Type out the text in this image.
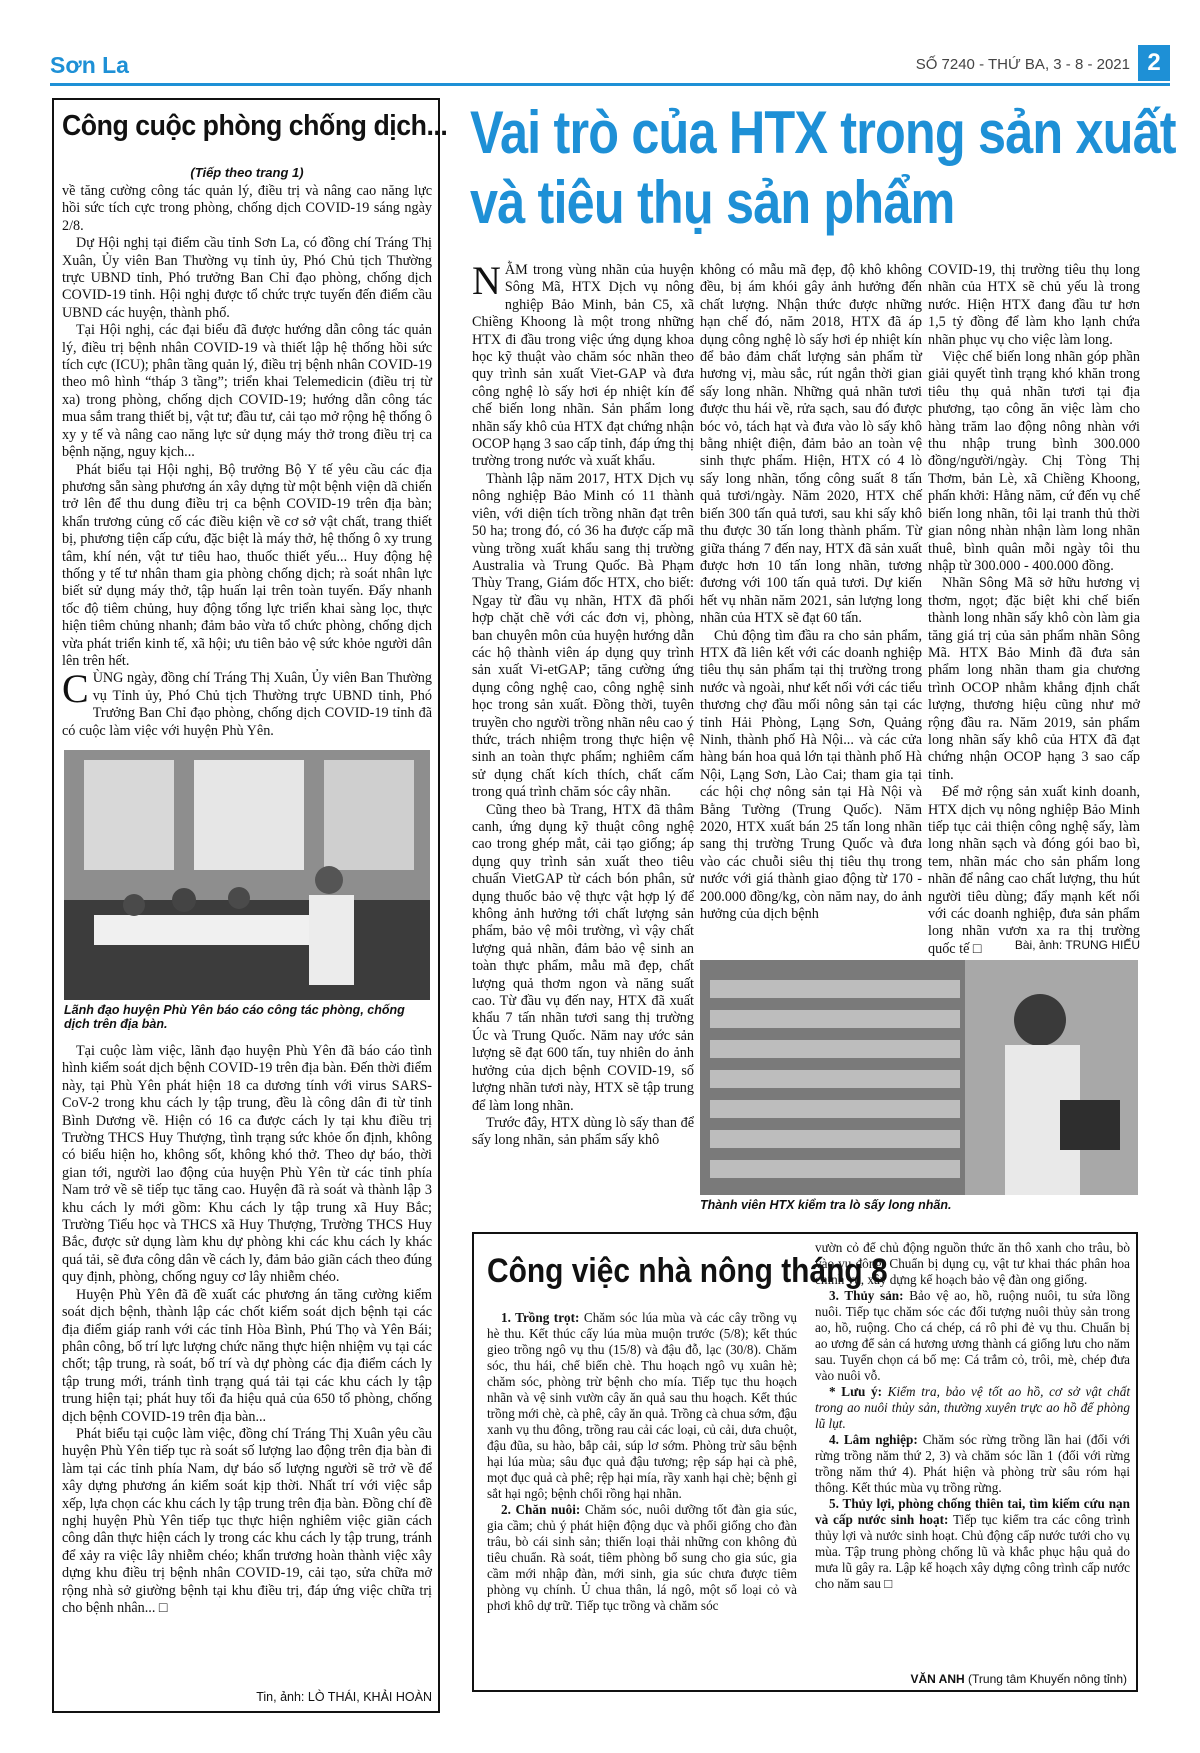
Sơn La	SỐ 7240 - THỨ BA, 3 - 8 - 2021 2
Công cuộc phòng chống dịch...
(Tiếp theo trang 1)

về tăng cường công tác quản lý, điều trị và nâng cao năng lực hồi sức tích cực trong phòng, chống dịch COVID-19 sáng ngày 2/8.

Dự Hội nghị tại điểm cầu tỉnh Sơn La, có đồng chí Tráng Thị Xuân, Ủy viên Ban Thường vụ tỉnh ủy, Phó Chủ tịch Thường trực UBND tỉnh, Phó trưởng Ban Chỉ đạo phòng, chống dịch COVID-19 tỉnh. Hội nghị được tổ chức trực tuyến đến điểm cầu UBND các huyện, thành phố.

Tại Hội nghị, các đại biểu đã được hướng dẫn công tác quản lý, điều trị bệnh nhân COVID-19 và thiết lập hệ thống hồi sức tích cực (ICU); phân tầng quản lý, điều trị bệnh nhân COVID-19 theo mô hình “tháp 3 tầng”; triển khai Telemedicin (điều trị từ xa) trong phòng, chống dịch COVID-19; hướng dẫn công tác mua sắm trang thiết bị, vật tư; đầu tư, cải tạo mở rộng hệ thống ô xy y tế và nâng cao năng lực sử dụng máy thở trong điều trị ca bệnh nặng, nguy kịch...

Phát biểu tại Hội nghị, Bộ trưởng Bộ Y tế yêu cầu các địa phương sẵn sàng phương án xây dựng từ một bệnh viện dã chiến trở lên để thu dung điều trị ca bệnh COVID-19 trên địa bàn; khẩn trương củng cố các điều kiện về cơ sở vật chất, trang thiết bị, phương tiện cấp cứu, đặc biệt là máy thở, hệ thống ô xy trung tâm, khí nén, vật tư tiêu hao, thuốc thiết yếu... Huy động hệ thống y tế tư nhân tham gia phòng chống dịch; rà soát nhân lực biết sử dụng máy thở, tập huấn lại trên toàn tuyến. Đẩy nhanh tốc độ tiêm chủng, huy động tổng lực triển khai sàng lọc, thực hiện tiêm chủng nhanh; đảm bảo vừa tổ chức phòng, chống dịch vừa phát triển kinh tế, xã hội; ưu tiên bảo vệ sức khỏe người dân lên trên hết.

CÙNG ngày, đồng chí Tráng Thị Xuân, Ủy viên Ban Thường vụ Tỉnh ủy, Phó Chủ tịch Thường trực UBND tỉnh, Phó Trưởng Ban Chỉ đạo phòng, chống dịch COVID-19 tỉnh đã có cuộc làm việc với huyện Phù Yên.

Lãnh đạo huyện Phù Yên báo cáo công tác phòng, chống dịch trên địa bàn.

Tại cuộc làm việc, lãnh đạo huyện Phù Yên đã báo cáo tình hình kiểm soát dịch bệnh COVID-19 trên địa bàn. Đến thời điểm này, tại Phù Yên phát hiện 18 ca dương tính với virus SARS-CoV-2 trong khu cách ly tập trung, đều là công dân đi từ tỉnh Bình Dương về. Hiện có 16 ca được cách ly tại khu điều trị Trường THCS Huy Thượng, tình trạng sức khỏe ổn định, không có biểu hiện ho, không sốt, không khó thở. Theo dự báo, thời gian tới, người lao động của huyện Phù Yên từ các tỉnh phía Nam trở về sẽ tiếp tục tăng cao. Huyện đã rà soát và thành lập 3 khu cách ly mới gồm: Khu cách ly tập trung xã Huy Bắc; Trường Tiểu học và THCS xã Huy Thượng, Trường THCS Huy Bắc, được sử dụng làm khu dự phòng khi các khu cách ly khác quá tải, sẽ đưa công dân về cách ly, đảm bảo giãn cách theo đúng quy định, phòng, chống nguy cơ lây nhiễm chéo.

Huyện Phù Yên đã đề xuất các phương án tăng cường kiểm soát dịch bệnh, thành lập các chốt kiểm soát dịch bệnh tại các địa điểm giáp ranh với các tỉnh Hòa Bình, Phú Thọ và Yên Bái; phân công, bố trí lực lượng chức năng thực hiện nhiệm vụ tại các chốt; tập trung, rà soát, bố trí và dự phòng các địa điểm cách ly tập trung mới, tránh tình trạng quá tải tại các khu cách ly tập trung hiện tại; phát huy tối đa hiệu quả của 650 tổ phòng, chống dịch bệnh COVID-19 trên địa bàn...

Phát biểu tại cuộc làm việc, đồng chí Tráng Thị Xuân yêu cầu huyện Phù Yên tiếp tục rà soát số lượng lao động trên địa bàn đi làm tại các tỉnh phía Nam, dự báo số lượng người sẽ trở về để xây dựng phương án kiểm soát kịp thời. Nhất trí với việc sắp xếp, lựa chọn các khu cách ly tập trung trên địa bàn. Đồng chí đề nghị huyện Phù Yên tiếp tục thực hiện nghiêm việc giãn cách công dân thực hiện cách ly trong các khu cách ly tập trung, tránh để xảy ra việc lây nhiễm chéo; khẩn trương hoàn thành việc xây dựng khu điều trị bệnh nhân COVID-19, cải tạo, sửa chữa mở rộng nhà sở giường bệnh tại khu điều trị, đáp ứng việc chữa trị cho bệnh nhân... □

Tin, ảnh: LÒ THÁI, KHẢI HOÀN
Vai trò của HTX trong sản xuất
và tiêu thụ sản phẩm

NẰM trong vùng nhãn của huyện Sông Mã, HTX Dịch vụ nông nghiệp Bảo Minh, bản C5, xã Chiềng Khoong là một trong những HTX đi đầu trong việc ứng dụng khoa học kỹ thuật vào chăm sóc nhãn theo quy trình sản xuất Viet-GAP và đưa công nghệ lò sấy hơi ép nhiệt kín để chế biến long nhãn. Sản phẩm long nhãn sấy khô của HTX đạt chứng nhận OCOP hạng 3 sao cấp tỉnh, đáp ứng thị trường trong nước và xuất khẩu.

Thành lập năm 2017, HTX Dịch vụ nông nghiệp Bảo Minh có 11 thành viên, với diện tích trồng nhãn đạt trên 50 ha; trong đó, có 36 ha được cấp mã vùng trồng xuất khẩu sang thị trường Australia và Trung Quốc. Bà Phạm Thùy Trang, Giám đốc HTX, cho biết: Ngay từ đầu vụ nhãn, HTX đã phối hợp chặt chẽ với các đơn vị, phòng, ban chuyên môn của huyện hướng dẫn các hộ thành viên áp dụng quy trình sản xuất Vi-etGAP; tăng cường ứng dụng công nghệ cao, công nghệ sinh học trong sản xuất. Đồng thời, tuyên truyền cho người trồng nhãn nêu cao ý thức, trách nhiệm trong thực hiện vệ sinh an toàn thực phẩm; nghiêm cấm sử dụng chất kích thích, chất cấm trong quá trình chăm sóc cây nhãn.

Cũng theo bà Trang, HTX đã thâm canh, ứng dụng kỹ thuật công nghệ cao trong ghép mắt, cải tạo giống; áp dụng quy trình sản xuất theo tiêu chuẩn VietGAP từ cách bón phân, sử dụng thuốc bảo vệ thực vật hợp lý để không ảnh hưởng tới chất lượng sản phẩm, bảo vệ môi trường, vì vậy chất lượng quả nhãn, đảm bảo vệ sinh an toàn thực phẩm, mẫu mã đẹp, chất lượng quả thơm ngon và năng suất cao. Từ đầu vụ đến nay, HTX đã xuất khẩu 7 tấn nhãn tươi sang thị trường Úc và Trung Quốc. Năm nay ước sản lượng sẽ đạt 600 tấn, tuy nhiên do ảnh hưởng của dịch bệnh COVID-19, số lượng nhãn tươi này, HTX sẽ tập trung để làm long nhãn.

Trước đây, HTX dùng lò sấy than để sấy long nhãn, sản phẩm sấy khô

không có mẫu mã đẹp, độ khô không đều, bị ám khói gây ảnh hưởng đến chất lượng. Nhận thức được những hạn chế đó, năm 2018, HTX đã áp dụng công nghệ lò sấy hơi ép nhiệt kín để bảo đảm chất lượng sản phẩm từ hương vị, màu sắc, rút ngắn thời gian sấy long nhãn. Những quả nhãn tươi được thu hái về, rửa sạch, sau đó được bóc vỏ, tách hạt và đưa vào lò sấy khô bằng nhiệt điện, đảm bảo an toàn vệ sinh thực phẩm. Hiện, HTX có 4 lò sấy long nhãn, tổng công suất 8 tấn quả tươi/ngày. Năm 2020, HTX chế biến 300 tấn quả tươi, sau khi sấy khô thu được 30 tấn long thành phẩm. Từ giữa tháng 7 đến nay, HTX đã sản xuất được hơn 10 tấn long nhãn, tương đương với 100 tấn quả tươi. Dự kiến hết vụ nhãn năm 2021, sản lượng long nhãn của HTX sẽ đạt 60 tấn.

Chủ động tìm đầu ra cho sản phẩm, HTX đã liên kết với các doanh nghiệp tiêu thụ sản phẩm tại thị trường trong nước và ngoài, như kết nối với các tiểu thương chợ đầu mối nông sản tại các tỉnh Hải Phòng, Lạng Sơn, Quảng Ninh, thành phố Hà Nội... và các cửa hàng bán hoa quả lớn tại thành phố Hà Nội, Lạng Sơn, Lào Cai; tham gia tại các hội chợ nông sản tại Hà Nội và Bằng Tường (Trung Quốc). Năm 2020, HTX xuất bán 25 tấn long nhãn sang thị trường Trung Quốc và đưa vào các chuỗi siêu thị tiêu thụ trong nước với giá thành giao động từ 170 - 200.000 đồng/kg, còn năm nay, do ảnh hưởng của dịch bệnh

COVID-19, thị trường tiêu thụ long nhãn của HTX sẽ chủ yếu là trong nước. Hiện HTX đang đầu tư hơn 1,5 tỷ đồng để làm kho lạnh chứa nhãn phục vụ cho việc làm long.

Việc chế biến long nhãn góp phần giải quyết tình trạng khó khăn trong tiêu thụ quả nhãn tươi tại địa phương, tạo công ăn việc làm cho hàng trăm lao động nông nhàn với thu nhập trung bình 300.000 đồng/người/ngày. Chị Tòng Thị Thơm, bản Lè, xã Chiềng Khoong, phấn khởi: Hằng năm, cứ đến vụ chế biến long nhãn, tôi lại tranh thủ thời gian nông nhàn nhận làm long nhãn thuê, bình quân mỗi ngày tôi thu nhập từ 300.000 - 400.000 đồng.

Nhãn Sông Mã sở hữu hương vị thơm, ngọt; đặc biệt khi chế biến thành long nhãn sấy khô còn làm gia tăng giá trị của sản phẩm nhãn Sông Mã. HTX Bảo Minh đã đưa sản phẩm long nhãn tham gia chương trình OCOP nhằm khẳng định chất lượng, thương hiệu cũng như mở rộng đầu ra. Năm 2019, sản phẩm long nhãn sấy khô của HTX đã đạt chứng nhận OCOP hạng 3 sao cấp tỉnh.

Để mở rộng sản xuất kinh doanh, HTX dịch vụ nông nghiệp Bảo Minh tiếp tục cải thiện công nghệ sấy, làm long nhãn sạch và đóng gói bao bì, tem, nhãn mác cho sản phẩm long nhãn để nâng cao chất lượng, thu hút người tiêu dùng; đẩy mạnh kết nối với các doanh nghiệp, đưa sản phẩm long nhãn vươn xa ra thị trường quốc tế □	Bài, ảnh: TRUNG HIẾU
Thành viên HTX kiểm tra lò sấy long nhãn.
Công việc nhà nông tháng 8

1. Trồng trọt: Chăm sóc lúa mùa và các cây trồng vụ hè thu. Kết thúc cấy lúa mùa muộn trước (5/8); kết thúc gieo trồng ngô vụ thu (15/8) và đậu đỗ, lạc (30/8). Chăm sóc, thu hái, chế biến chè. Thu hoạch ngô vụ xuân hè; chăm sóc, phòng trừ bệnh cho mía. Tiếp tục thu hoạch nhãn và vệ sinh vườn cây ăn quả sau thu hoạch. Kết thúc trồng mới chè, cà phê, cây ăn quả. Trồng cà chua sớm, đậu xanh vụ thu đông, trồng rau cải các loại, củ cải, dưa chuột, đậu đũa, su hào, bắp cải, súp lơ sớm. Phòng trừ sâu bệnh hại lúa mùa; sâu đục quả đậu tương; rệp sáp hại cà phê, mọt đục quả cà phê; rệp hại mía, rầy xanh hại chè; bệnh gỉ sắt hại ngô; bệnh chổi rồng hại nhãn.

2. Chăn nuôi: Chăm sóc, nuôi dưỡng tốt đàn gia súc, gia cầm; chủ ý phát hiện động dục và phối giống cho đàn trâu, bò cái sinh sản; thiến loại thải những con không đủ tiêu chuẩn. Rà soát, tiêm phòng bổ sung cho gia súc, gia cầm mới nhập đàn, mới sinh, gia súc chưa được tiêm phòng vụ chính. Ủ chua thân, lá ngô, một số loại cỏ và phơi khô dự trữ. Tiếp tục trồng và chăm sóc

vườn cỏ để chủ động nguồn thức ăn thô xanh cho trâu, bò vào vụ đông. Chuẩn bị dụng cụ, vật tư khai thác phân hoa chính vụ, xây dựng kế hoạch bảo vệ đàn ong giống.

3. Thủy sản: Bảo vệ ao, hồ, ruộng nuôi, tu sửa lồng nuôi. Tiếp tục chăm sóc các đối tượng nuôi thủy sản trong ao, hồ, ruộng. Cho cá chép, cá rô phi đẻ vụ thu. Chuẩn bị ao ương để sản cá hương ương thành cá giống lưu cho năm sau. Tuyển chọn cá bố mẹ: Cá trắm cỏ, trôi, mè, chép đưa vào nuôi vỗ.

* Lưu ý: Kiểm tra, bảo vệ tốt ao hồ, cơ sở vật chất trong ao nuôi thủy sản, thường xuyên trực ao hồ để phòng lũ lụt.

4. Lâm nghiệp: Chăm sóc rừng trồng lần hai (đối với rừng trồng năm thứ 2, 3) và chăm sóc lần 1 (đối với rừng trồng năm thứ 4). Phát hiện và phòng trừ sâu róm hại thông. Kết thúc mùa vụ trồng rừng.

5. Thủy lợi, phòng chống thiên tai, tìm kiếm cứu nạn và cấp nước sinh hoạt: Tiếp tục kiểm tra các công trình thủy lợi và nước sinh hoạt. Chủ động cấp nước tưới cho vụ mùa. Tập trung phòng chống lũ và khắc phục hậu quả do mưa lũ gây ra. Lập kế hoạch xây dựng công trình cấp nước cho năm sau □

VĂN ANH (Trung tâm Khuyến nông tỉnh)
